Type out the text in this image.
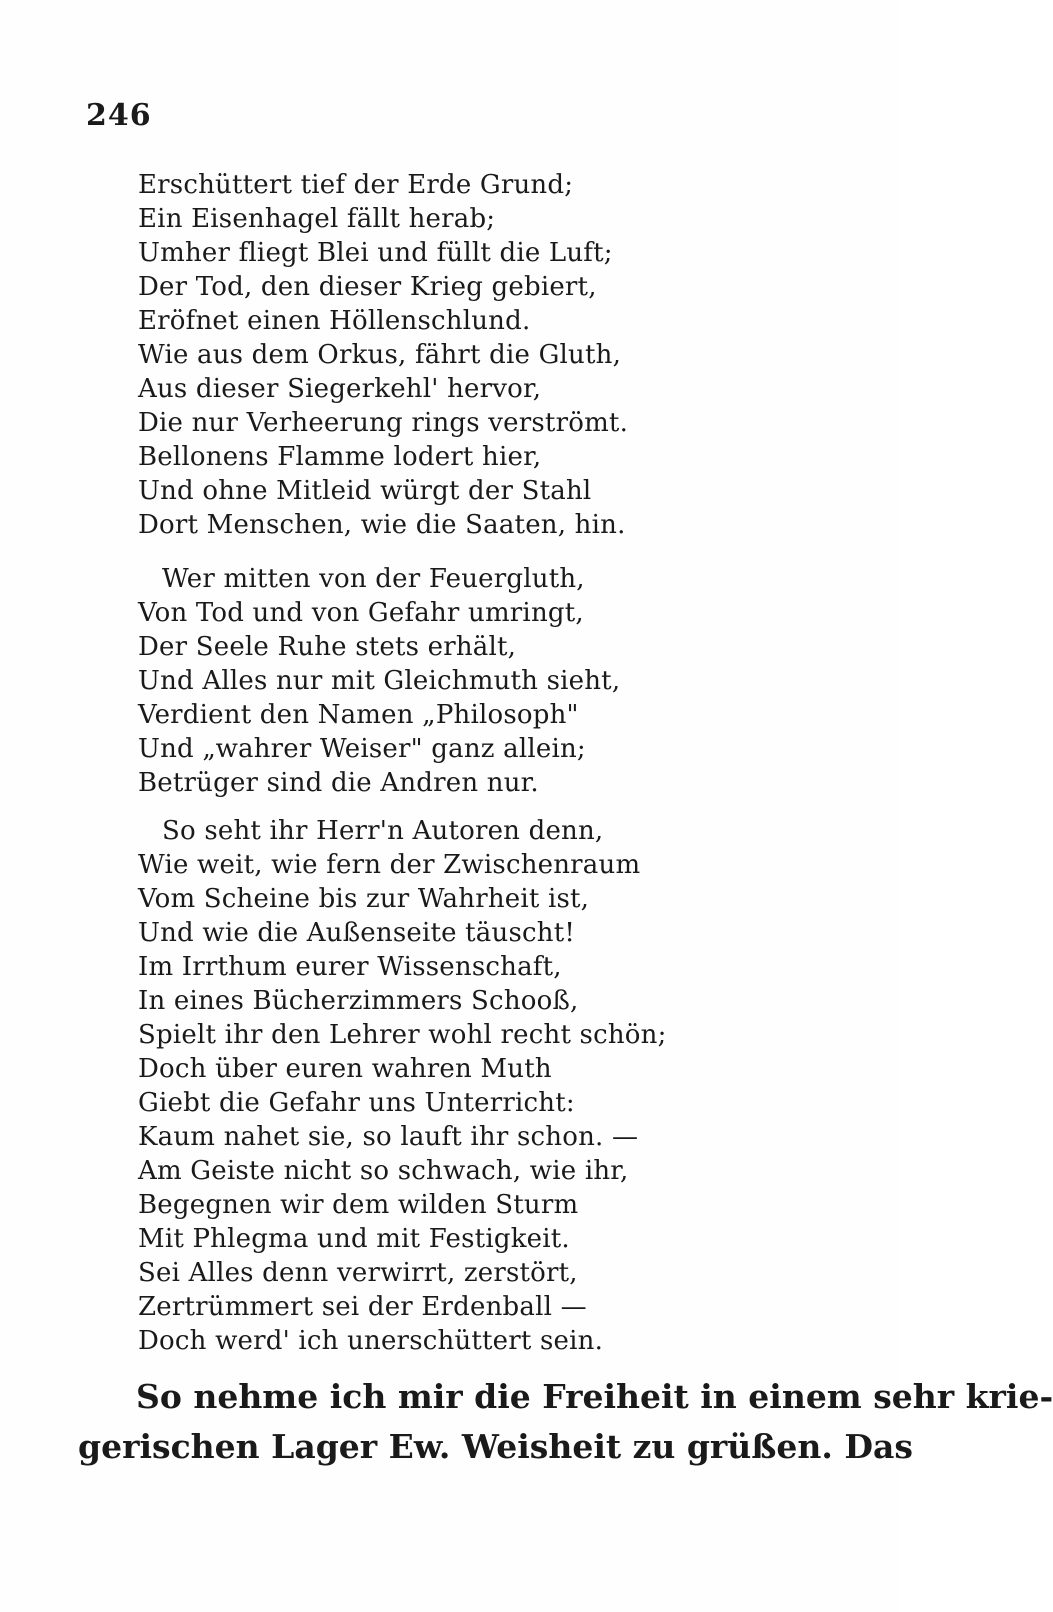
246
Erschüttert tief der Erde Grund;
Ein Eisenhagel fällt herab;
Umher fliegt Blei und füllt die Luft;
Der Tod, den dieser Krieg gebiert,
Eröfnet einen Höllenschlund.
Wie aus dem Orkus, fährt die Gluth,
Aus dieser Siegerkehl' hervor,
Die nur Verheerung rings verströmt.
Bellonens Flamme lodert hier,
Und ohne Mitleid würgt der Stahl
Dort Menschen, wie die Saaten, hin.
Wer mitten von der Feuergluth,
Von Tod und von Gefahr umringt,
Der Seele Ruhe stets erhält,
Und Alles nur mit Gleichmuth sieht,
Verdient den Namen „Philosoph"
Und „wahrer Weiser" ganz allein;
Betrüger sind die Andren nur.
So seht ihr Herr'n Autoren denn,
Wie weit, wie fern der Zwischenraum
Vom Scheine bis zur Wahrheit ist,
Und wie die Außenseite täuscht!
Im Irrthum eurer Wissenschaft,
In eines Bücherzimmers Schooß,
Spielt ihr den Lehrer wohl recht schön;
Doch über euren wahren Muth
Giebt die Gefahr uns Unterricht:
Kaum nahet sie, so lauft ihr schon. —
Am Geiste nicht so schwach, wie ihr,
Begegnen wir dem wilden Sturm
Mit Phlegma und mit Festigkeit.
Sei Alles denn verwirrt, zerstört,
Zertrümmert sei der Erdenball —
Doch werd' ich unerschüttert sein.
So nehme ich mir die Freiheit in einem sehr krie-
gerischen Lager Ew. Weisheit zu grüßen. Das
